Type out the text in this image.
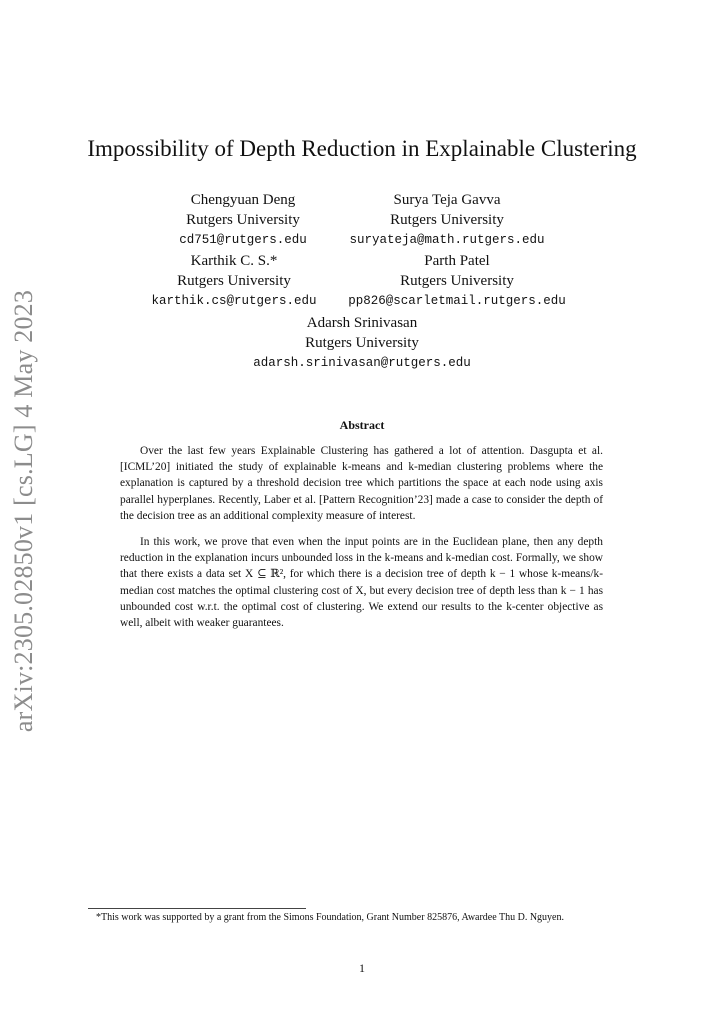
arXiv:2305.02850v1 [cs.LG] 4 May 2023
Impossibility of Depth Reduction in Explainable Clustering
Chengyuan Deng
Rutgers University
cd751@rutgers.edu
Surya Teja Gavva
Rutgers University
suryateja@math.rutgers.edu
Karthik C. S.*
Rutgers University
karthik.cs@rutgers.edu
Parth Patel
Rutgers University
pp826@scarletmail.rutgers.edu
Adarsh Srinivasan
Rutgers University
adarsh.srinivasan@rutgers.edu
Abstract
Over the last few years Explainable Clustering has gathered a lot of attention. Dasgupta et al. [ICML’20] initiated the study of explainable k-means and k-median clustering problems where the explanation is captured by a threshold decision tree which partitions the space at each node using axis parallel hyperplanes. Recently, Laber et al. [Pattern Recognition’23] made a case to consider the depth of the decision tree as an additional complexity measure of interest.
In this work, we prove that even when the input points are in the Euclidean plane, then any depth reduction in the explanation incurs unbounded loss in the k-means and k-median cost. Formally, we show that there exists a data set X ⊆ ℝ², for which there is a decision tree of depth k − 1 whose k-means/k-median cost matches the optimal clustering cost of X, but every decision tree of depth less than k − 1 has unbounded cost w.r.t. the optimal cost of clustering. We extend our results to the k-center objective as well, albeit with weaker guarantees.
*This work was supported by a grant from the Simons Foundation, Grant Number 825876, Awardee Thu D. Nguyen.
1
